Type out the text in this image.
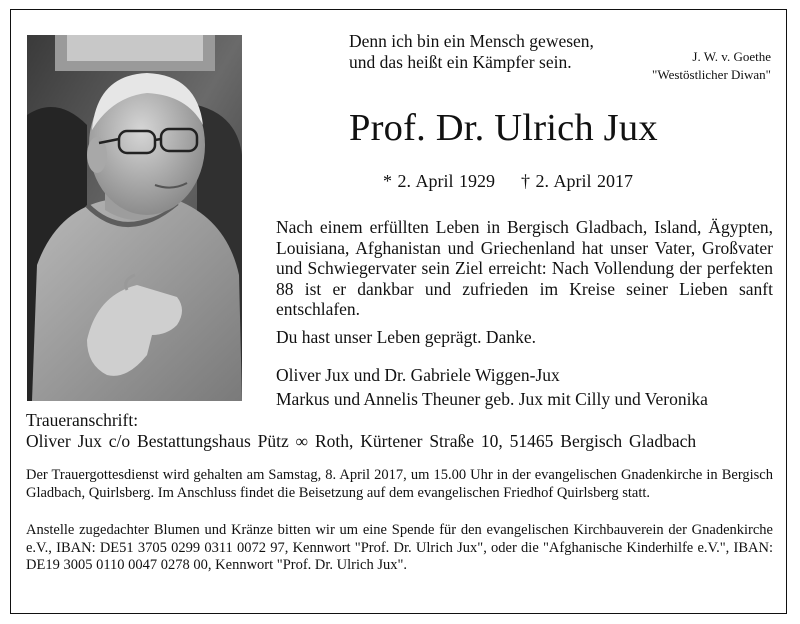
Denn ich bin ein Mensch gewesen,
und das heißt ein Kämpfer sein.	J. W. v. Goethe
"Westöstlicher Diwan"
Prof. Dr. Ulrich Jux
* 2. April 1929 † 2. April 2017
Nach einem erfüllten Leben in Bergisch Gladbach, Island, Ägypten, Louisiana, Afghanistan und Griechenland hat unser Vater, Großvater und Schwiegervater sein Ziel erreicht: Nach Vollendung der perfekten 88 ist er dankbar und zufrieden im Kreise seiner Lieben sanft entschlafen.
Du hast unser Leben geprägt. Danke.
Oliver Jux und Dr. Gabriele Wiggen-Jux
Markus und Annelis Theuner geb. Jux mit Cilly und Veronika
Traueranschrift:
Oliver Jux c/o Bestattungshaus Pütz ∞ Roth, Kürtener Straße 10, 51465 Bergisch Gladbach
Der Trauergottesdienst wird gehalten am Samstag, 8. April 2017, um 15.00 Uhr in der evangelischen Gnadenkirche in Bergisch Gladbach, Quirlsberg. Im Anschluss findet die Beisetzung auf dem evangelischen Friedhof Quirlsberg statt.
Anstelle zugedachter Blumen und Kränze bitten wir um eine Spende für den evangelischen Kirchbauverein der Gnadenkirche e.V., IBAN: DE51 3705 0299 0311 0072 97, Kennwort "Prof. Dr. Ulrich Jux", oder die "Afghanische Kinderhilfe e.V.", IBAN: DE19 3005 0110 0047 0278 00, Kennwort "Prof. Dr. Ulrich Jux".
